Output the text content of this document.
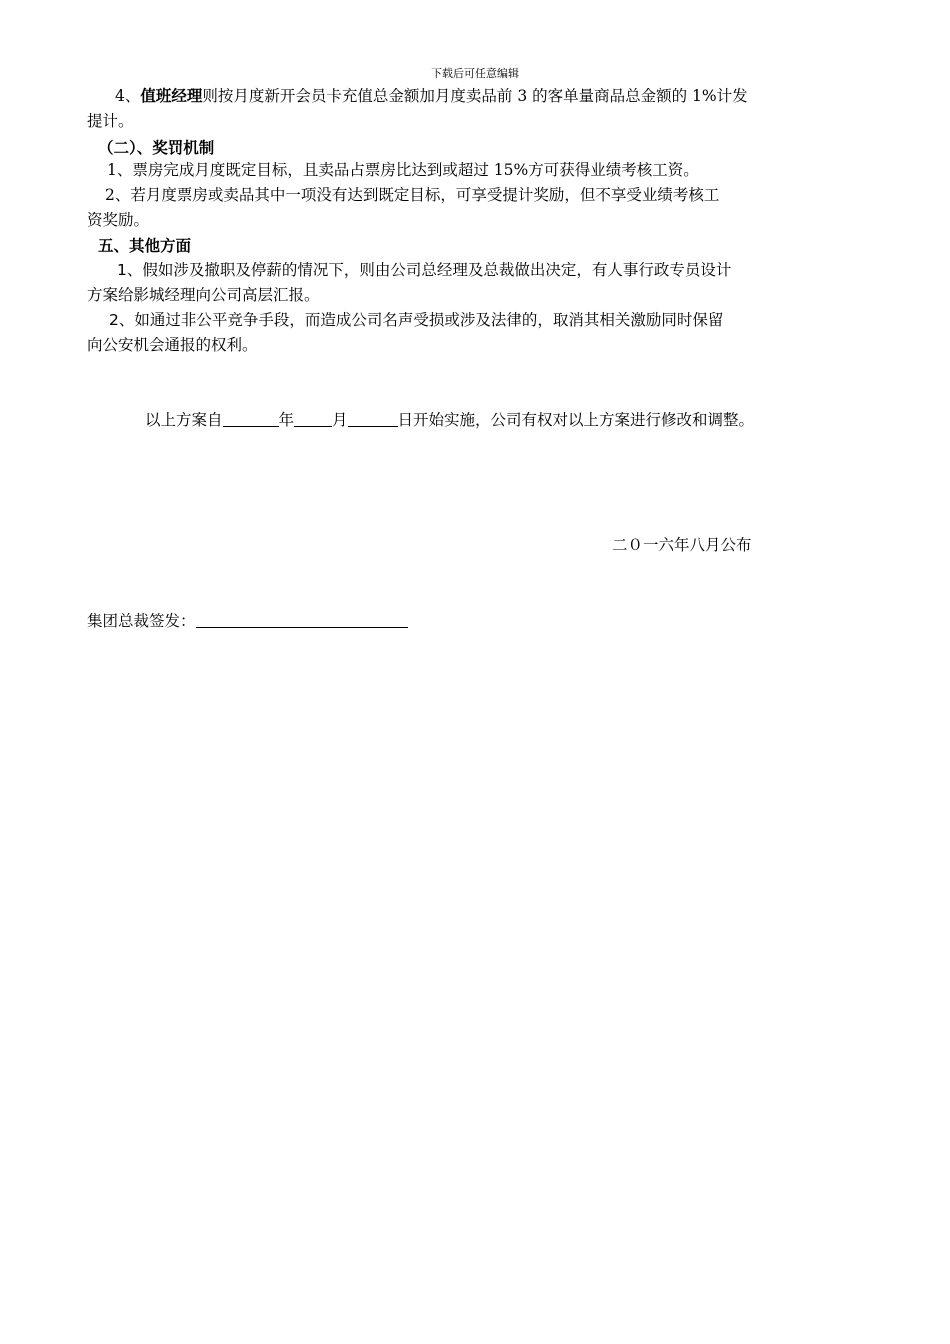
下载后可任意编辑
4、值班经理则按月度新开会员卡充值总金额加月度卖品前 3 的客单量商品总金额的 1%计发
提计。
（二）、奖罚机制
1、票房完成月度既定目标，且卖品占票房比达到或超过 15%方可获得业绩考核工资。
2、若月度票房或卖品其中一项没有达到既定目标，可享受提计奖励，但不享受业绩考核工
资奖励。
五、其他方面
1、假如涉及撤职及停薪的情况下，则由公司总经理及总裁做出决定，有人事行政专员设计
方案给影城经理向公司高层汇报。
2、如通过非公平竞争手段，而造成公司名声受损或涉及法律的，取消其相关激励同时保留
向公安机会通报的权利。
以上方案自	年 月	日开始实施，公司有权对以上方案进行修改和调整。
二０一六年八月公布
集团总裁签发：
